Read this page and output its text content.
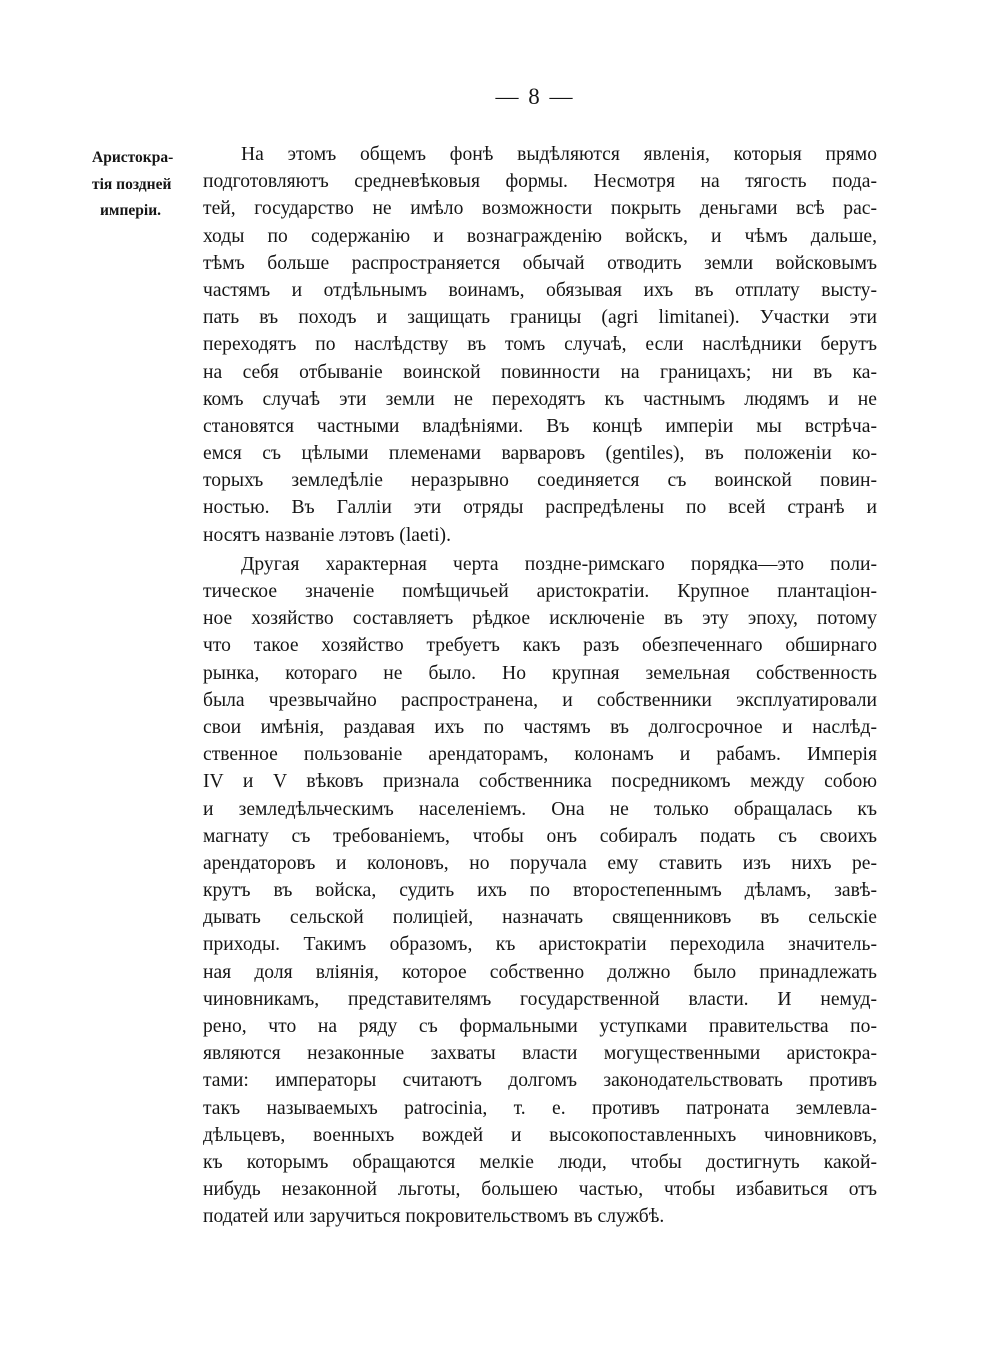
— 8 —
Аристокра-
тія поздней
имперіи.
На этомъ общемъ фонѣ выдѣляются явленія, которыя прямо
подготовляютъ средневѣковыя формы. Несмотря на тягость пода-
тей, государство не имѣло возможности покрыть деньгами всѣ рас-
ходы по содержанію и вознагражденію войскъ, и чѣмъ дальше,
тѣмъ больше распространяется обычай отводить земли войсковымъ
частямъ и отдѣльнымъ воинамъ, обязывая ихъ въ отплату высту-
пать въ походъ и защищать границы (agri limitanei). Участки эти
переходятъ по наслѣдству въ томъ случаѣ, если наслѣдники берутъ
на себя отбываніе воинской повинности на границахъ; ни въ ка-
комъ случаѣ эти земли не переходятъ къ частнымъ людямъ и не
становятся частными владѣніями. Въ концѣ имперіи мы встрѣча-
емся съ цѣлыми племенами варваровъ (gentiles), въ положеніи ко-
торыхъ земледѣліе неразрывно соединяется съ воинской повин-
ностью. Въ Галліи эти отряды распредѣлены по всей странѣ и
носятъ названіе лэтовъ (laeti).
Другая характерная черта поздне-римскаго порядка—это поли-
тическое значеніе помѣщичьей аристократіи. Крупное плантаціон-
ное хозяйство составляетъ рѣдкое исключеніе въ эту эпоху, потому
что такое хозяйство требуетъ какъ разъ обезпеченнаго обширнаго
рынка, котораго не было. Но крупная земельная собственность
была чрезвычайно распространена, и собственники эксплуатировали
свои имѣнія, раздавая ихъ по частямъ въ долгосрочное и наслѣд-
ственное пользованіе арендаторамъ, колонамъ и рабамъ. Имперія
IV и V вѣковъ признала собственника посредникомъ между собою
и земледѣльческимъ населеніемъ. Она не только обращалась къ
магнату съ требованіемъ, чтобы онъ собиралъ подать съ своихъ
арендаторовъ и колоновъ, но поручала ему ставить изъ нихъ ре-
крутъ въ войска, судить ихъ по второстепеннымъ дѣламъ, завѣ-
дывать сельской полиціей, назначать священниковъ въ сельскіе
приходы. Такимъ образомъ, къ аристократіи переходила значитель-
ная доля вліянія, которое собственно должно было принадлежать
чиновникамъ, представителямъ государственной власти. И немуд-
рено, что на ряду съ формальными уступками правительства по-
являются незаконные захваты власти могущественными аристокра-
тами: императоры считаютъ долгомъ законодательствовать противъ
такъ называемыхъ patrocinia, т. е. противъ патроната землевла-
дѣльцевъ, военныхъ вождей и высокопоставленныхъ чиновниковъ,
къ которымъ обращаются мелкіе люди, чтобы достигнуть какой-
нибудь незаконной льготы, большею частью, чтобы избавиться отъ
податей или заручиться покровительствомъ въ службѣ.
